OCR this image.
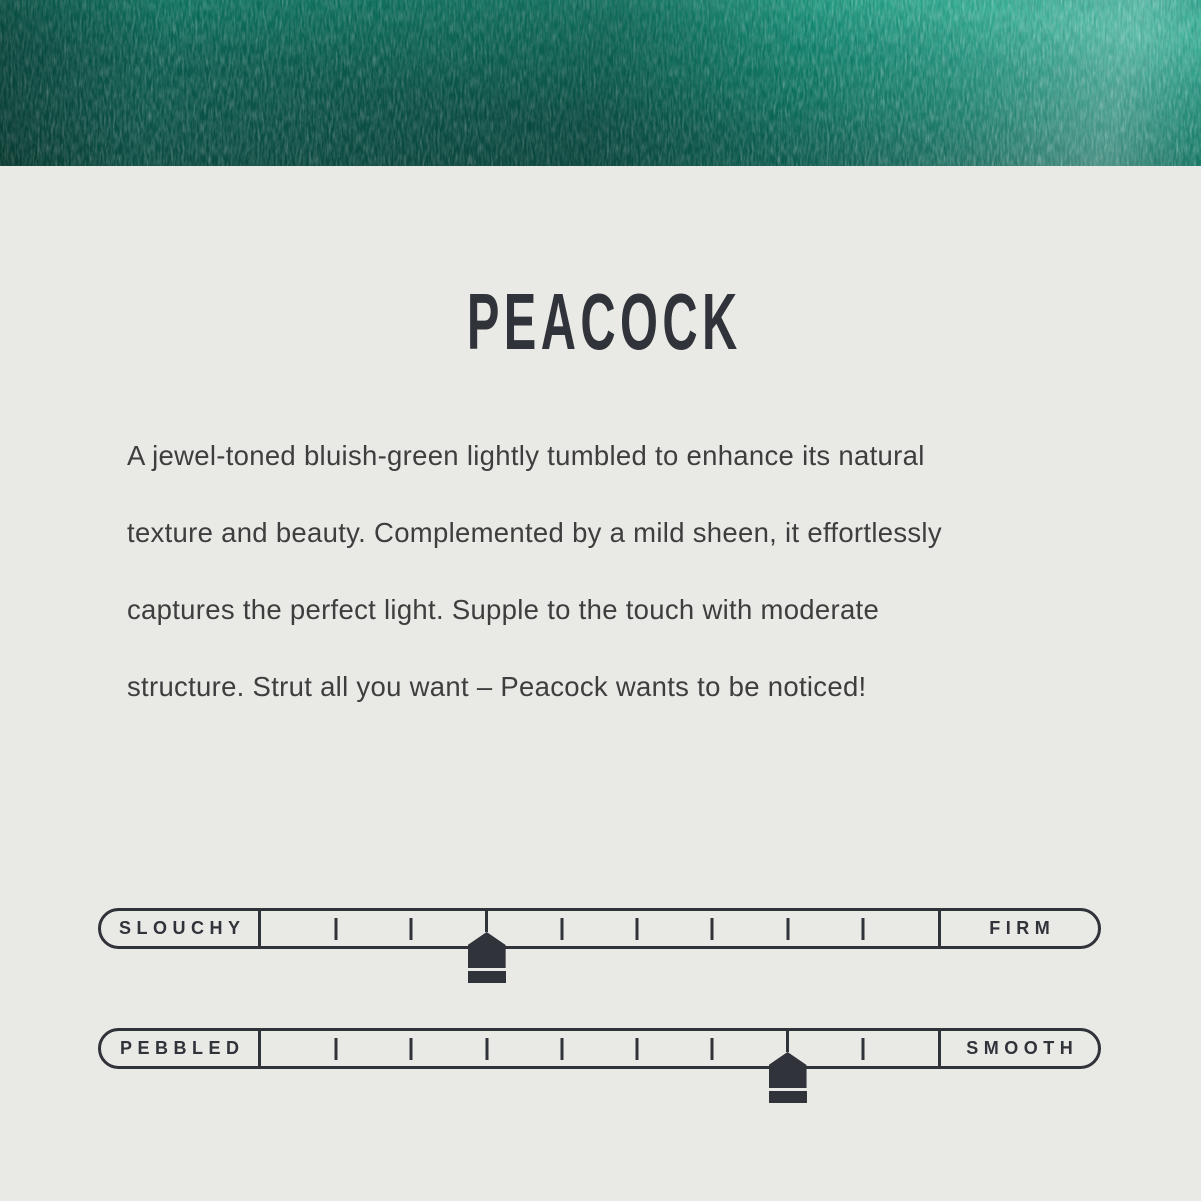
PEACOCK
A jewel-toned bluish-green lightly tumbled to enhance its natural
texture and beauty. Complemented by a mild sheen, it effortlessly
captures the perfect light. Supple to the touch with moderate
structure. Strut all you want – Peacock wants to be noticed!
SLOUCHY	FIRM
PEBBLED	SMOOTH
